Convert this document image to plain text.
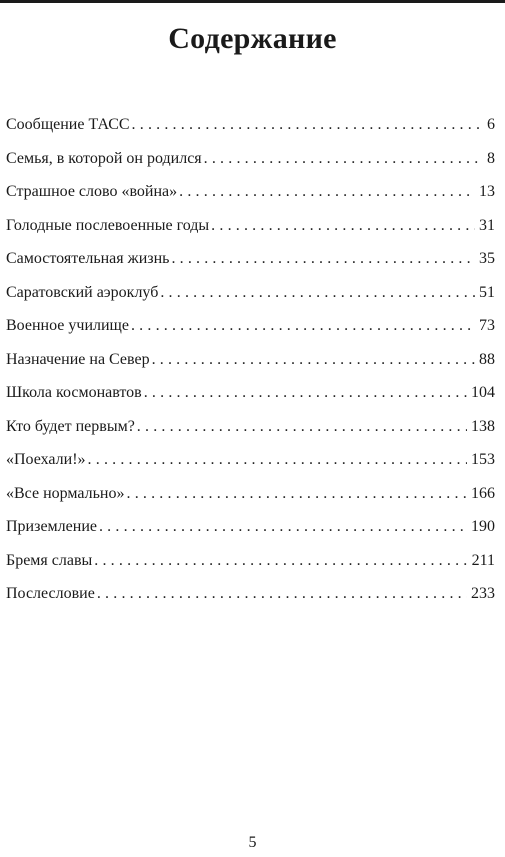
Содержание
Сообщение ТАСС .....	6
Семья, в которой он родился .....	8
Страшное слово «война» .....	13
Голодные послевоенные годы .....	31
Самостоятельная жизнь .....	35
Саратовский аэроклуб .....	51
Военное училище .....	73
Назначение на Север .....	88
Школа космонавтов .....	104
Кто будет первым? .....	138
«Поехали!» .....	153
«Все нормально» .....	166
Приземление .....	190
Бремя славы .....	211
Послесловие .....	233
5
